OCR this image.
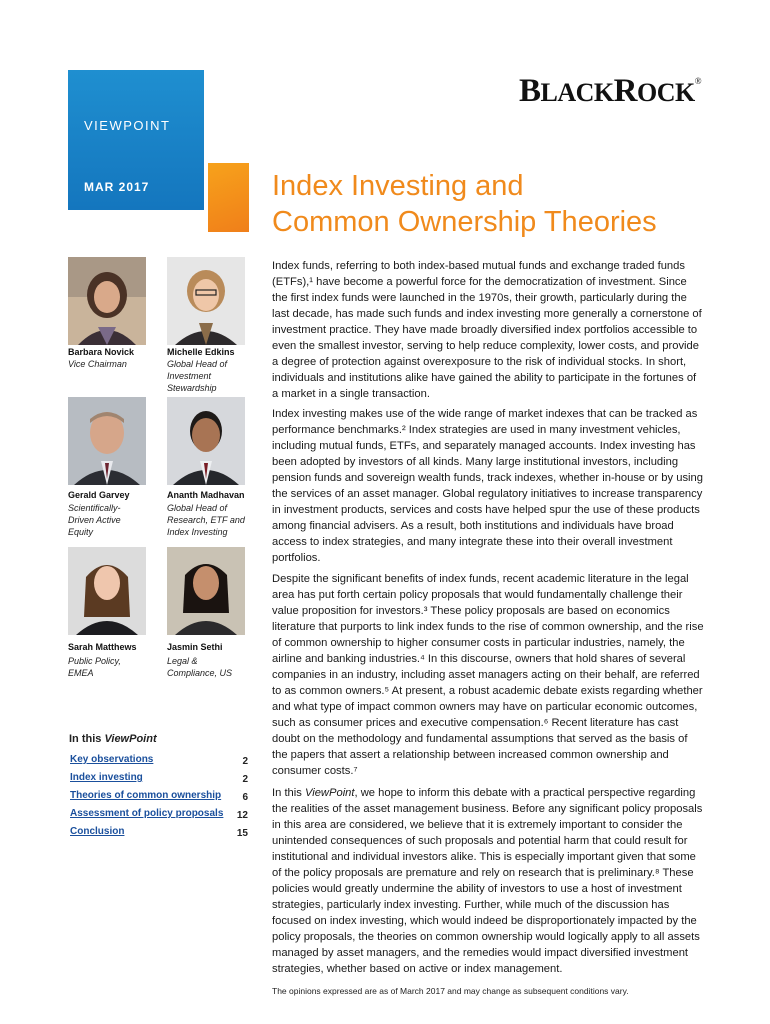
VIEWPOINT
MAR 2017
BLACKROCK®
Index Investing and
Common Ownership Theories
Barbara Novick
Vice Chairman
Michelle Edkins
Global Head of Investment Stewardship
Gerald Garvey
Scientifically-Driven Active Equity
Ananth Madhavan
Global Head of Research, ETF and Index Investing
Sarah Matthews
Public Policy, EMEA
Jasmin Sethi
Legal & Compliance, US
In this ViewPoint
Key observations	2
Index investing	2
Theories of common ownership	6
Assessment of policy proposals	12
Conclusion	15

Index funds, referring to both index-based mutual funds and exchange traded funds (ETFs),¹ have become a powerful force for the democratization of investment. Since the first index funds were launched in the 1970s, their growth, particularly during the last decade, has made such funds and index investing more generally a cornerstone of investment practice. They have made broadly diversified index portfolios accessible to even the smallest investor, serving to help reduce complexity, lower costs, and provide a degree of protection against overexposure to the risk of individual stocks. In short, individuals and institutions alike have gained the ability to participate in the fortunes of a market in a single transaction.

Index investing makes use of the wide range of market indexes that can be tracked as performance benchmarks.² Index strategies are used in many investment vehicles, including mutual funds, ETFs, and separately managed accounts. Index investing has been adopted by investors of all kinds. Many large institutional investors, including pension funds and sovereign wealth funds, track indexes, whether in-house or by using the services of an asset manager. Global regulatory initiatives to increase transparency in investment products, services and costs have helped spur the use of these products among financial advisers. As a result, both institutions and individuals have broad access to index strategies, and many integrate these into their overall investment portfolios.

Despite the significant benefits of index funds, recent academic literature in the legal area has put forth certain policy proposals that would fundamentally challenge their value proposition for investors.³ These policy proposals are based on economics literature that purports to link index funds to the rise of common ownership, and the rise of common ownership to higher consumer costs in particular industries, namely, the airline and banking industries.⁴ In this discourse, owners that hold shares of several companies in an industry, including asset managers acting on their behalf, are referred to as common owners.⁵ At present, a robust academic debate exists regarding whether and what type of impact common owners may have on particular economic outcomes, such as consumer prices and executive compensation.⁶ Recent literature has cast doubt on the methodology and fundamental assumptions that served as the basis of the papers that assert a relationship between increased common ownership and consumer costs.⁷

In this ViewPoint, we hope to inform this debate with a practical perspective regarding the realities of the asset management business. Before any significant policy proposals in this area are considered, we believe that it is extremely important to consider the unintended consequences of such proposals and potential harm that could result for institutional and individual investors alike. This is especially important given that some of the policy proposals are premature and rely on research that is preliminary.⁸ These policies would greatly undermine the ability of investors to use a host of investment strategies, particularly index investing. Further, while much of the discussion has focused on index investing, which would indeed be disproportionately impacted by the policy proposals, the theories on common ownership would logically apply to all assets managed by asset managers, and the remedies would impact diversified investment strategies, whether based on active or index management.

The opinions expressed are as of March 2017 and may change as subsequent conditions vary.
